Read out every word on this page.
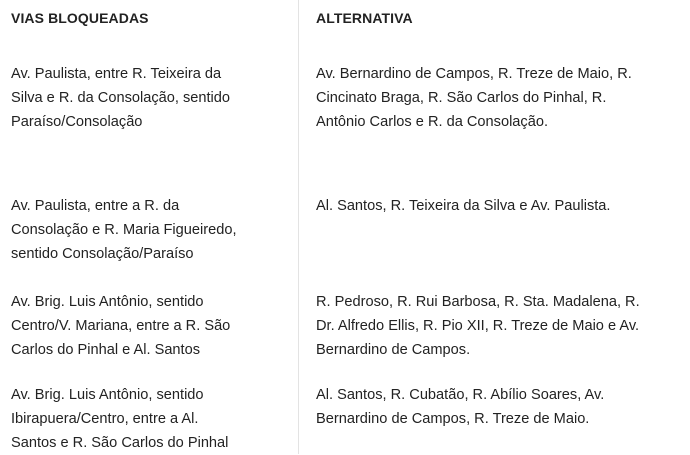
VIAS BLOQUEADAS	ALTERNATIVA
Av. Paulista, entre R. Teixeira da
Silva e R. da Consolação, sentido
Paraíso/Consolação
Av. Bernardino de Campos, R. Treze de Maio, R.
Cincinato Braga, R. São Carlos do Pinhal, R.
Antônio Carlos e R. da Consolação.
Av. Paulista, entre a R. da
Consolação e R. Maria Figueiredo,
sentido Consolação/Paraíso
Al. Santos, R. Teixeira da Silva e Av. Paulista.
Av. Brig. Luis Antônio, sentido
Centro/V. Mariana, entre a R. São
Carlos do Pinhal e Al. Santos
R. Pedroso, R. Rui Barbosa, R. Sta. Madalena, R.
Dr. Alfredo Ellis, R. Pio XII, R. Treze de Maio e Av.
Bernardino de Campos.
Av. Brig. Luis Antônio, sentido
Ibirapuera/Centro, entre a Al.
Santos e R. São Carlos do Pinhal
Al. Santos, R. Cubatão, R. Abílio Soares, Av.
Bernardino de Campos, R. Treze de Maio.
